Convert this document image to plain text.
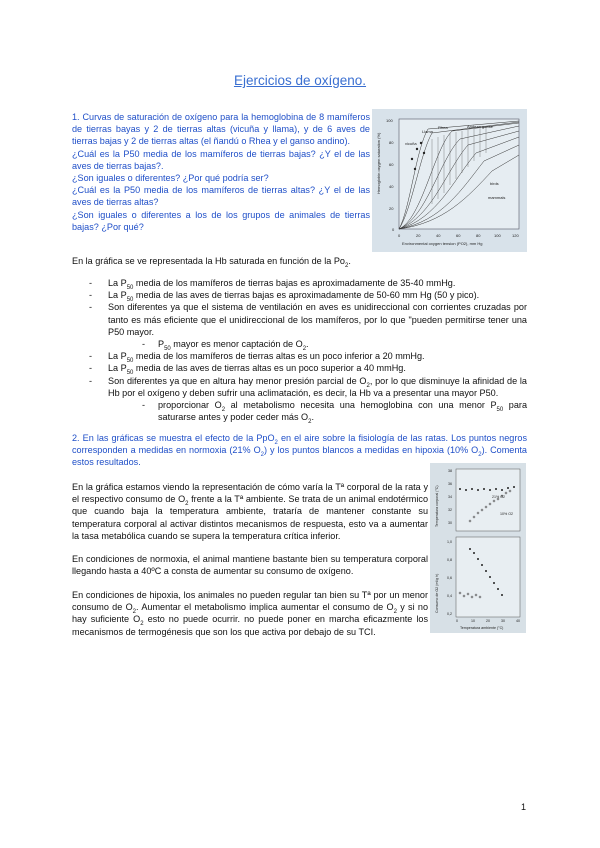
Ejercicios de oxígeno.

1. Curvas de saturación de oxígeno para la hemoglobina de 8 mamíferos de tierras bayas y 2 de tierras altas (vicuña y llama), y de 6 aves de tierras bajas y 2 de tierras altas (el ñandú o Rhea y el ganso andino).

¿Cuál es la P50 media de los mamíferos de tierras bajas? ¿Y el de las aves de tierras bajas?.

¿Son iguales o diferentes? ¿Por qué podría ser?

¿Cuál es la P50 media de los mamíferos de tierras altas? ¿Y el de las aves de tierras altas?

¿Son iguales o diferentes a los de los grupos de animales de tierras bajas? ¿Por qué?

Hemoglobin oxygen saturation (%)
Environmental oxygen tension (PO2), mm Hg
Rhea	Andean goose
Llama
vicuña
birds
mammals
100
80
60
40
20
0
0	20	40	60	80	100	120
En la gráfica se ve representada la Hb saturada en función de la $Po_2$.
- La $P_{50}$ media de los mamíferos de tierras bajas es aproximadamente de 35-40 mmHg.
- La $P_{50}$ media de las aves de tierras bajas es aproximadamente de 50-60 mm Hg (50 y pico).
- Son diferentes ya que el sistema de ventilación en aves es unidireccional con corrientes cruzadas por tanto es más eficiente que el unidireccional de los mamíferos, por lo que "pueden permitirse tener una P50 mayor.
- $P_{50}$ mayor es menor captación de $O_2$.
- La $P_{50}$ media de los mamíferos de tierras altas es un poco inferior a 20 mmHg.
- La $P_{50}$ media de las aves de tierras altas es un poco superior a 40 mmHg.
- Son diferentes ya que en altura hay menor presión parcial de $O_2$, por lo que disminuye la afinidad de la Hb por el oxígeno y deben sufrir una aclimatación, es decir, la Hb va a presentar una mayor P50.
- proporcionar $O_2$ al metabolismo necesita una hemoglobina con una menor $P_{50}$ para saturarse antes y poder ceder más $O_2$.
2. En las gráficas se muestra el efecto de la PpO$_2$ en el aire sobre la fisiología de las ratas. Los puntos negros corresponden a medidas en normoxia (21% $O_2$) y los puntos blancos a medidas en hipoxia (10% $O_2$). Comenta estos resultados.
En la gráfica estamos viendo la representación de cómo varía la Tª corporal de la rata y el respectivo consumo de $O_2$ frente a la Tª ambiente. Se trata de un animal endotérmico que cuando baja la temperatura ambiente, trataría de mantener constante su temperatura corporal al activar distintos mecanismos de respuesta, esto va a aumentar la tasa metabólica cuando se supera la temperatura crítica inferior.
En condiciones de normoxia, el animal mantiene bastante bien su temperatura corporal llegando hasta a 40ºC a consta de aumentar su consumo de oxígeno.
En condiciones de hipoxia, los animales no pueden regular tan bien su Tª por un menor consumo de $O_2$. Aumentar el metabolismo implica aumentar el consumo de $O_2$ y si no hay suficiente $O_2$ esto no puede ocurrir. no puede poner en marcha eficazmente los mecanismos de termogénesis que son los que activa por debajo de su TCI.
Temperatura corporal (°C)
Consumo de O2 (ml/g h)
Temperatura ambiente (°C)
21% O2
10% O2
38
36
34
32
30
1,0
0,8
0,6
0,4
0,2
0	10	20	30	40
1
